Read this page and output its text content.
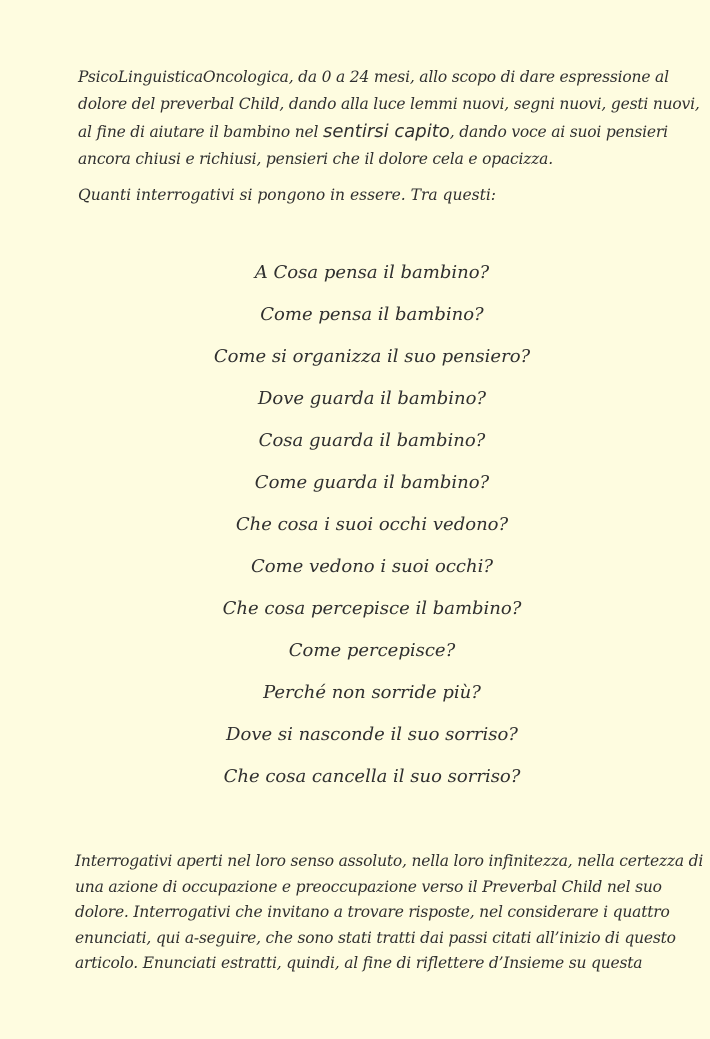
PsicoLinguisticaOncologica, da 0 a 24 mesi, allo scopo di dare espressione al
dolore del preverbal Child, dando alla luce lemmi nuovi, segni nuovi, gesti nuovi,
al fine di aiutare il bambino nel sentirsi capito, dando voce ai suoi pensieri
ancora chiusi e richiusi, pensieri che il dolore cela e opacizza.
Quanti interrogativi si pongono in essere. Tra questi:
A Cosa pensa il bambino?
Come pensa il bambino?
Come si organizza il suo pensiero?
Dove guarda il bambino?
Cosa guarda il bambino?
Come guarda il bambino?
Che cosa i suoi occhi vedono?
Come vedono i suoi occhi?
Che cosa percepisce il bambino?
Come percepisce?
Perché non sorride più?
Dove si nasconde il suo sorriso?
Che cosa cancella il suo sorriso?
Interrogativi aperti nel loro senso assoluto, nella loro infinitezza, nella certezza di
una azione di occupazione e preoccupazione verso il Preverbal Child nel suo
dolore. Interrogativi che invitano a trovare risposte, nel considerare i quattro
enunciati, qui a-seguire, che sono stati tratti dai passi citati all’inizio di questo
articolo. Enunciati estratti, quindi, al fine di riflettere d’Insieme su questa
